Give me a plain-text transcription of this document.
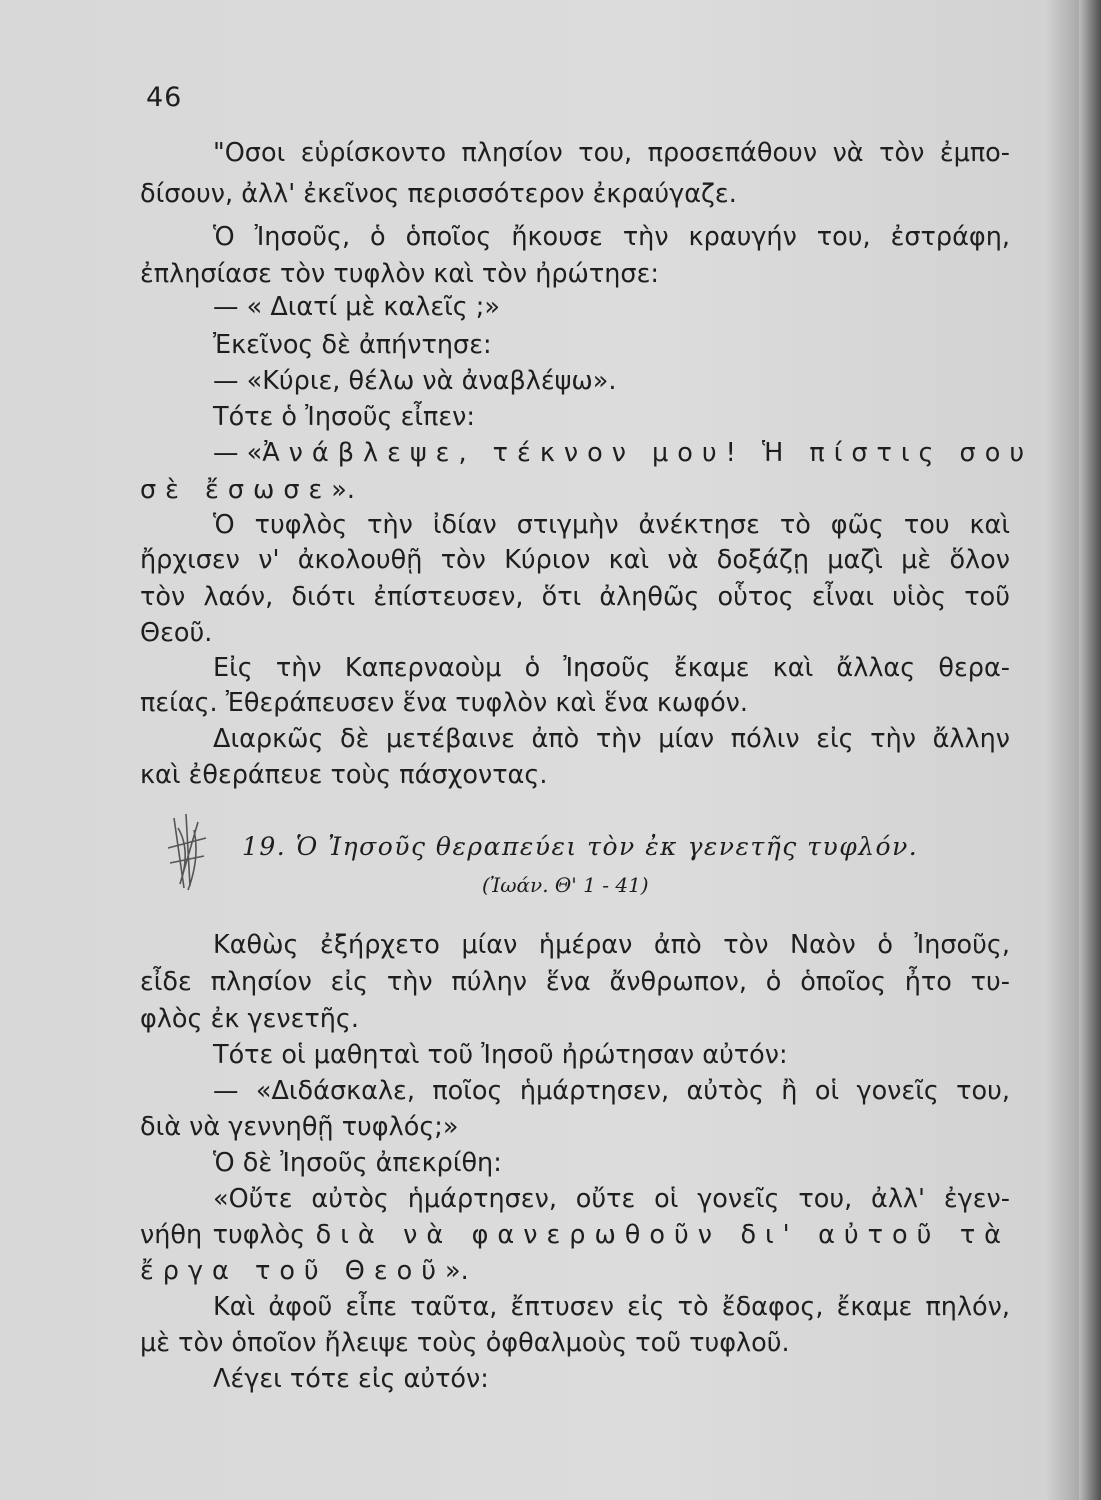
46
"Οσοι εὑρίσκοντο πλησίον του, προσεπάθουν νὰ τὸν ἐμπο-
δίσουν, ἀλλ' ἐκεῖνος περισσότερον ἐκραύγαζε.
Ὁ Ἰησοῦς, ὁ ὁποῖος ἤκουσε τὴν κραυγήν του, ἐστράφη,
ἐπλησίασε τὸν τυφλὸν καὶ τὸν ἠρώτησε:
— « Διατί μὲ καλεῖς ;»
Ἐκεῖνος δὲ ἀπήντησε:
— «Κύριε, θέλω νὰ ἀναβλέψω».
Τότε ὁ Ἰησοῦς εἶπεν:
— «Ἀνάβλεψε, τέκνον μου! Ἡ πίστις σου
σὲ ἔσωσε».
Ὁ τυφλὸς τὴν ἰδίαν στιγμὴν ἀνέκτησε τὸ φῶς του καὶ
ἤρχισεν ν' ἀκολουθῇ τὸν Κύριον καὶ νὰ δοξάζῃ μαζὶ μὲ ὅλον
τὸν λαόν, διότι ἐπίστευσεν, ὅτι ἀληθῶς οὗτος εἶναι υἱὸς τοῦ
Θεοῦ.
Εἰς τὴν Καπερναοὺμ ὁ Ἰησοῦς ἔκαμε καὶ ἄλλας θερα-
πείας. Ἐθεράπευσεν ἕνα τυφλὸν καὶ ἕνα κωφόν.
Διαρκῶς δὲ μετέβαινε ἀπὸ τὴν μίαν πόλιν εἰς τὴν ἄλλην
καὶ ἐθεράπευε τοὺς πάσχοντας.
19. Ὁ Ἰησοῦς θεραπεύει τὸν ἐκ γενετῆς τυφλόν.
(Ἰωάν. Θ' 1 - 41)
Καθὼς ἐξήρχετο μίαν ἡμέραν ἀπὸ τὸν Ναὸν ὁ Ἰησοῦς,
εἶδε πλησίον εἰς τὴν πύλην ἕνα ἄνθρωπον, ὁ ὁποῖος ἦτο τυ-
φλὸς ἐκ γενετῆς.
Τότε οἱ μαθηταὶ τοῦ Ἰησοῦ ἠρώτησαν αὐτόν:
— «Διδάσκαλε, ποῖος ἡμάρτησεν, αὐτὸς ἢ οἱ γονεῖς του,
διὰ νὰ γεννηθῇ τυφλός;»
Ὁ δὲ Ἰησοῦς ἀπεκρίθη:
«Οὔτε αὐτὸς ἡμάρτησεν, οὔτε οἱ γονεῖς του, ἀλλ' ἐγεν-
νήθη τυφλὸς διὰ νὰ φανερωθοῦν δι' αὐτοῦ τὰ
ἔργα τοῦ Θεοῦ».
Καὶ ἀφοῦ εἶπε ταῦτα, ἔπτυσεν εἰς τὸ ἔδαφος, ἔκαμε πηλόν,
μὲ τὸν ὁποῖον ἤλειψε τοὺς ὀφθαλμοὺς τοῦ τυφλοῦ.
Λέγει τότε εἰς αὐτόν:
